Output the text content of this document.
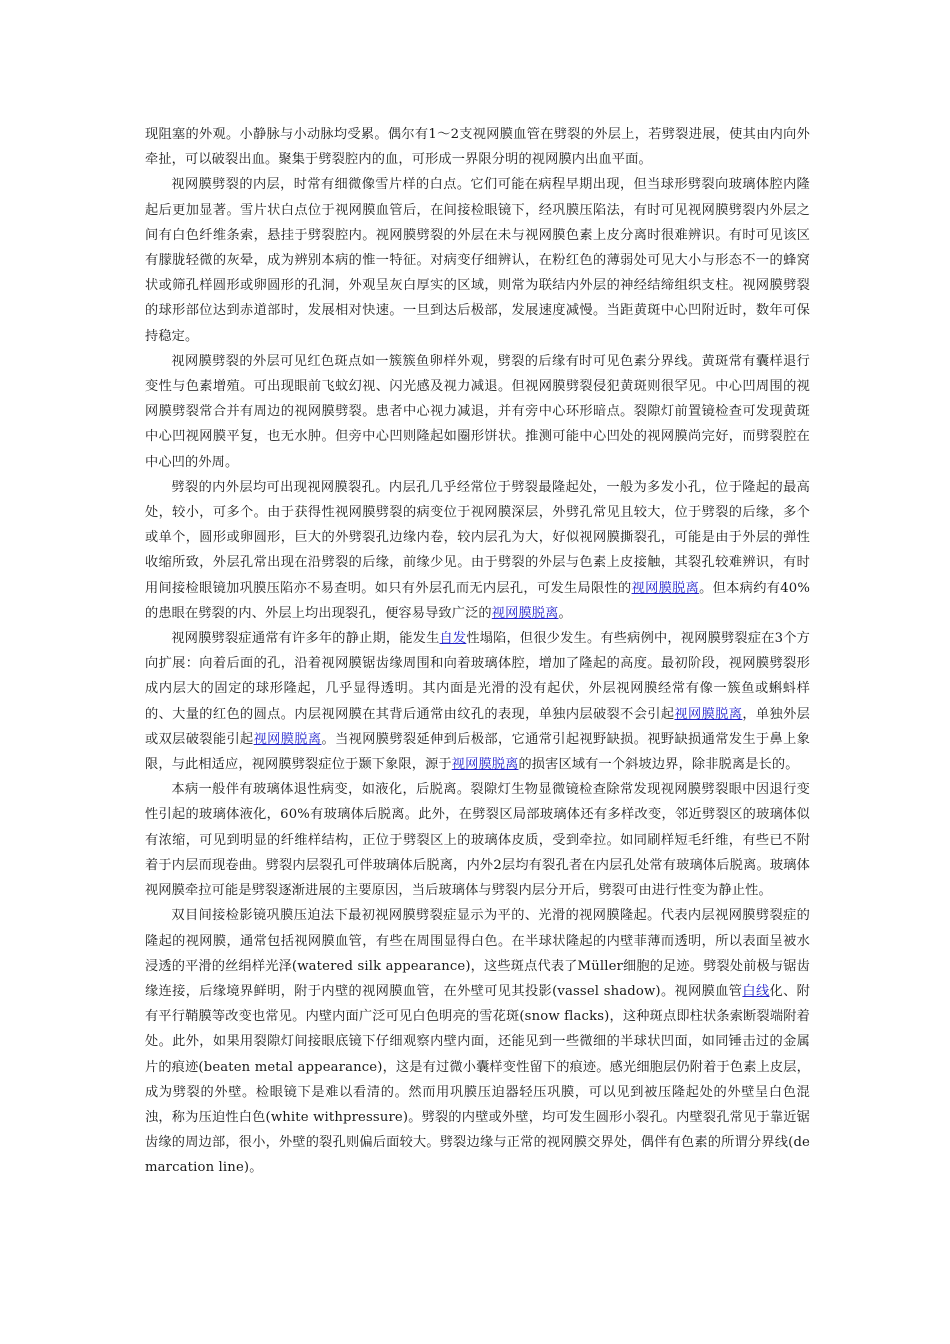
现阻塞的外观。小静脉与小动脉均受累。偶尔有1～2支视网膜血管在劈裂的外层上，若劈裂进展，使其由内向外牵扯，可以破裂出血。聚集于劈裂腔内的血，可形成一界限分明的视网膜内出血平面。

视网膜劈裂的内层，时常有细微像雪片样的白点。它们可能在病程早期出现，但当球形劈裂向玻璃体腔内隆起后更加显著。雪片状白点位于视网膜血管后，在间接检眼镜下，经巩膜压陷法，有时可见视网膜劈裂内外层之间有白色纤维条索，悬挂于劈裂腔内。视网膜劈裂的外层在未与视网膜色素上皮分离时很难辨识。有时可见该区有朦胧轻微的灰晕，成为辨别本病的惟一特征。对病变仔细辨认，在粉红色的薄弱处可见大小与形态不一的蜂窝状或筛孔样圆形或卵圆形的孔洞，外观呈灰白厚实的区域，则常为联结内外层的神经结缔组织支柱。视网膜劈裂的球形部位达到赤道部时，发展相对快速。一旦到达后极部，发展速度减慢。当距黄斑中心凹附近时，数年可保持稳定。

视网膜劈裂的外层可见红色斑点如一簇簇鱼卵样外观，劈裂的后缘有时可见色素分界线。黄斑常有囊样退行变性与色素增殖。可出现眼前飞蚊幻视、闪光感及视力减退。但视网膜劈裂侵犯黄斑则很罕见。中心凹周围的视网膜劈裂常合并有周边的视网膜劈裂。患者中心视力减退，并有旁中心环形暗点。裂隙灯前置镜检查可发现黄斑中心凹视网膜平复，也无水肿。但旁中心凹则隆起如圈形饼状。推测可能中心凹处的视网膜尚完好，而劈裂腔在中心凹的外周。

劈裂的内外层均可出现视网膜裂孔。内层孔几乎经常位于劈裂最隆起处，一般为多发小孔，位于隆起的最高处，较小，可多个。由于获得性视网膜劈裂的病变位于视网膜深层，外劈孔常见且较大，位于劈裂的后缘，多个或单个，圆形或卵圆形，巨大的外劈裂孔边缘内卷，较内层孔为大，好似视网膜撕裂孔，可能是由于外层的弹性收缩所致，外层孔常出现在沿劈裂的后缘，前缘少见。由于劈裂的外层与色素上皮接触，其裂孔较难辨识，有时用间接检眼镜加巩膜压陷亦不易查明。如只有外层孔而无内层孔，可发生局限性的视网膜脱离。但本病约有40%的患眼在劈裂的内、外层上均出现裂孔，便容易导致广泛的视网膜脱离。

视网膜劈裂症通常有许多年的静止期，能发生自发性塌陷，但很少发生。有些病例中，视网膜劈裂症在3个方向扩展：向着后面的孔，沿着视网膜锯齿缘周围和向着玻璃体腔，增加了隆起的高度。最初阶段，视网膜劈裂形成内层大的固定的球形隆起，几乎显得透明。其内面是光滑的没有起伏，外层视网膜经常有像一簇鱼或蝌蚪样的、大量的红色的圆点。内层视网膜在其背后通常由纹孔的表现，单独内层破裂不会引起视网膜脱离，单独外层或双层破裂能引起视网膜脱离。当视网膜劈裂延伸到后极部，它通常引起视野缺损。视野缺损通常发生于鼻上象限，与此相适应，视网膜劈裂症位于颞下象限，源于视网膜脱离的损害区域有一个斜坡边界，除非脱离是长的。

本病一般伴有玻璃体退性病变，如液化，后脱离。裂隙灯生物显微镜检查除常发现视网膜劈裂眼中因退行变性引起的玻璃体液化，60%有玻璃体后脱离。此外，在劈裂区局部玻璃体还有多样改变，邻近劈裂区的玻璃体似有浓缩，可见到明显的纤维样结构，正位于劈裂区上的玻璃体皮质，受到牵拉。如同刷样短毛纤维，有些已不附着于内层而现卷曲。劈裂内层裂孔可伴玻璃体后脱离，内外2层均有裂孔者在内层孔处常有玻璃体后脱离。玻璃体视网膜牵拉可能是劈裂逐渐进展的主要原因，当后玻璃体与劈裂内层分开后，劈裂可由进行性变为静止性。

双目间接检影镜巩膜压迫法下最初视网膜劈裂症显示为平的、光滑的视网膜隆起。代表内层视网膜劈裂症的隆起的视网膜，通常包括视网膜血管，有些在周围显得白色。在半球状隆起的内壁菲薄而透明，所以表面呈被水浸透的平滑的丝绢样光泽(watered silk appearance)，这些斑点代表了Müller细胞的足迹。劈裂处前极与锯齿缘连接，后缘境界鲜明，附于内壁的视网膜血管，在外壁可见其投影(vassel shadow)。视网膜血管白线化、附有平行鞘膜等改变也常见。内壁内面广泛可见白色明亮的雪花斑(snow flacks)，这种斑点即柱状条索断裂端附着处。此外，如果用裂隙灯间接眼底镜下仔细观察内壁内面，还能见到一些微细的半球状凹面，如同锤击过的金属片的痕迹(beaten metal appearance)，这是有过微小囊样变性留下的痕迹。感光细胞层仍附着于色素上皮层，成为劈裂的外壁。检眼镜下是难以看清的。然而用巩膜压迫器轻压巩膜，可以见到被压隆起处的外壁呈白色混浊，称为压迫性白色(white withpressure)。劈裂的内壁或外壁，均可发生圆形小裂孔。内壁裂孔常见于靠近锯齿缘的周边部，很小，外壁的裂孔则偏后面较大。劈裂边缘与正常的视网膜交界处，偶伴有色素的所谓分界线(demarcation line)。
